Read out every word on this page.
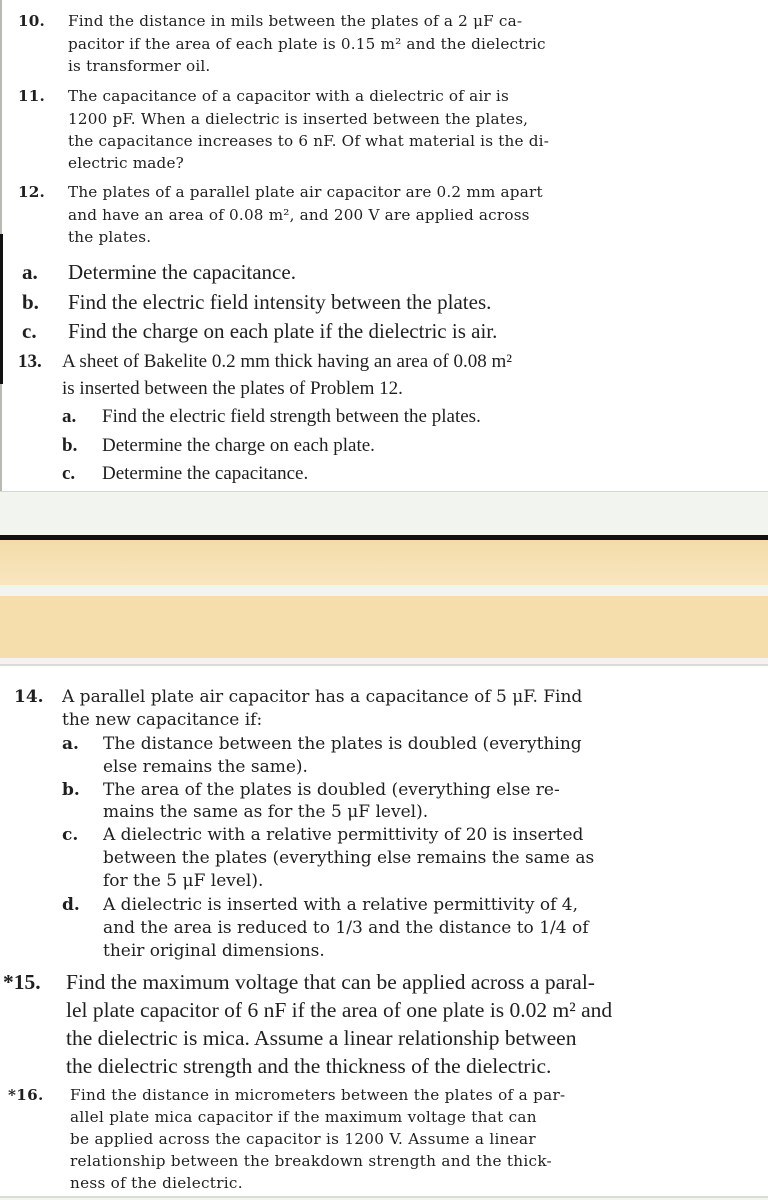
10. Find the distance in mils between the plates of a 2 μF ca-
pacitor if the area of each plate is 0.15 m² and the dielectric
is transformer oil.
11. The capacitance of a capacitor with a dielectric of air is
1200 pF. When a dielectric is inserted between the plates,
the capacitance increases to 6 nF. Of what material is the di-
electric made?
12. The plates of a parallel plate air capacitor are 0.2 mm apart
and have an area of 0.08 m², and 200 V are applied across
the plates.
a. Determine the capacitance.
b. Find the electric field intensity between the plates.
c. Find the charge on each plate if the dielectric is air.
13. A sheet of Bakelite 0.2 mm thick having an area of 0.08 m²
is inserted between the plates of Problem 12.
a. Find the electric field strength between the plates.
b. Determine the charge on each plate.
c. Determine the capacitance.
14. A parallel plate air capacitor has a capacitance of 5 μF. Find
the new capacitance if:
a. The distance between the plates is doubled (everything
else remains the same).
b. The area of the plates is doubled (everything else re-
mains the same as for the 5 μF level).
c. A dielectric with a relative permittivity of 20 is inserted
between the plates (everything else remains the same as
for the 5 μF level).
d. A dielectric is inserted with a relative permittivity of 4,
and the area is reduced to 1/3 and the distance to 1/4 of
their original dimensions.
*15. Find the maximum voltage that can be applied across a paral-
lel plate capacitor of 6 nF if the area of one plate is 0.02 m² and
the dielectric is mica. Assume a linear relationship between
the dielectric strength and the thickness of the dielectric.
*16. Find the distance in micrometers between the plates of a par-
allel plate mica capacitor if the maximum voltage that can
be applied across the capacitor is 1200 V. Assume a linear
relationship between the breakdown strength and the thick-
ness of the dielectric.
